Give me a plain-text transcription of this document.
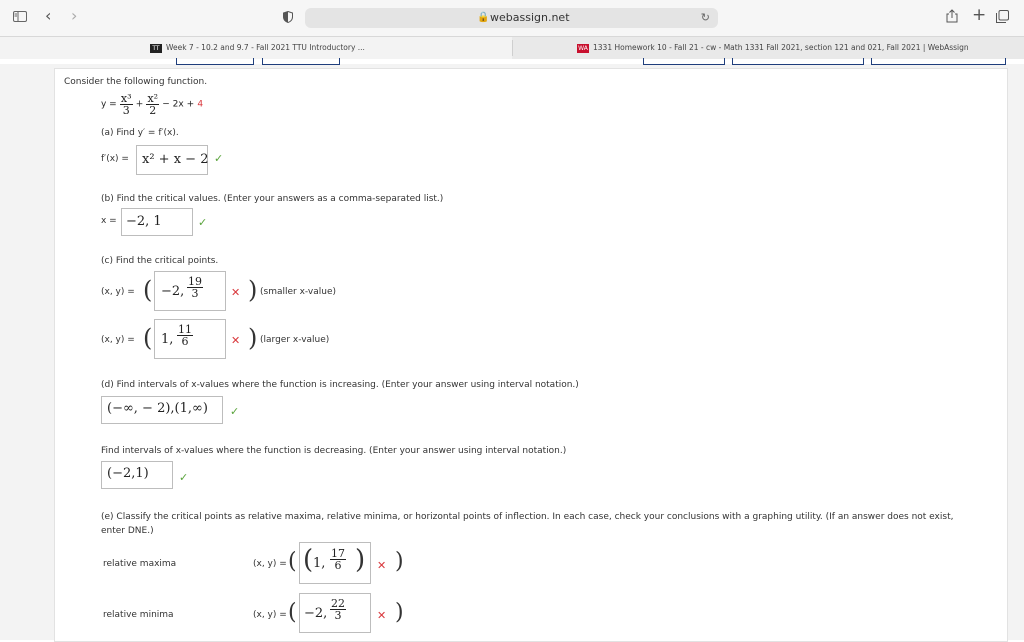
‹ ›	🔒 webassign.net	↻	+
TT Week 7 - 10.2 and 9.7 - Fall 2021 TTU Introductory ...	WA 1331 Homework 10 - Fall 21 - cw - Math 1331 Fall 2021, section 121 and 021, Fall 2021 | WebAssign
Consider the following function.
$y = \frac{\text{x³}}{3} + \frac{\text{x²}}{2} - 2x + 4$
(a) Find y′ = f′(x).
f′(x) = x² + x − 2 ✓
(b) Find the critical values. (Enter your answers as a comma-separated list.)
x = −2, 1	✓
(c) Find the critical points.
(x, y) = ( −2, $\frac{19}{3}$	✕ ) (smaller x-value)
(x, y) = ( 1, $\frac{11}{6}$	✕ ) (larger x-value)
(d) Find intervals of x-values where the function is increasing. (Enter your answer using interval notation.)
(−∞, − 2),(1,∞) ✓
Find intervals of x-values where the function is decreasing. (Enter your answer using interval notation.)
(−2,1)	✓
(e) Classify the critical points as relative maxima, relative minima, or horizontal points of inflection. In each case, check your conclusions with a graphing utility. (If an answer does not exist,
enter DNE.)
relative maxima	(x, y) = ( ( 1, $\frac{17}{6}$ ) ✕ )
relative minima	(x, y) = ( −2, $\frac{22}{3}$	✕ )
